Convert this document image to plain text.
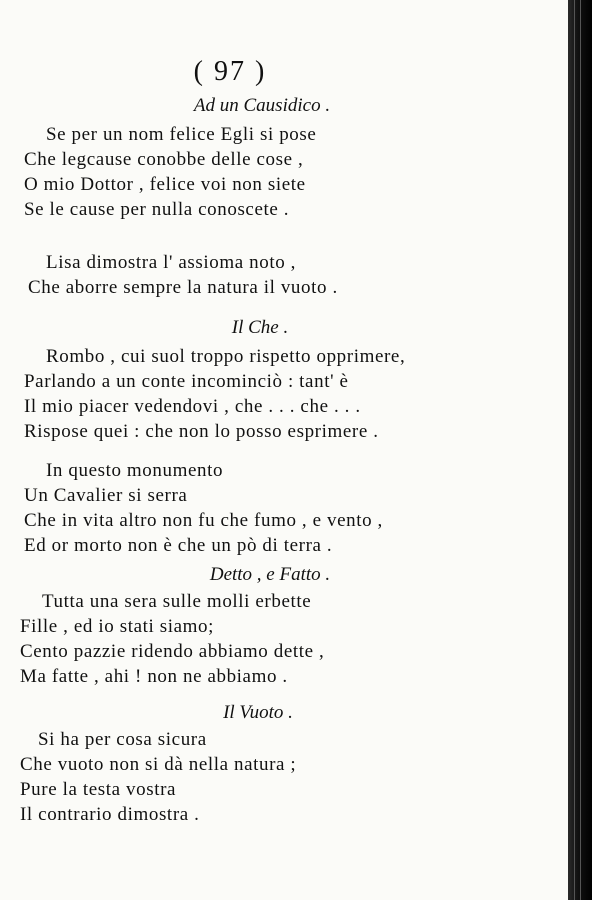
( 97 )
Ad un Causidico .
Se per un nom felice Egli si pose
Che legcause conobbe delle cose ,
O mio Dottor , felice voi non siete
Se le cause per nulla conoscete .
Lisa dimostra l' assioma noto ,
Che aborre sempre la natura il vuoto .
Il Che .
Rombo , cui suol troppo rispetto opprimere,
Parlando a un conte incominciò : tant' è
Il mio piacer vedendovi , che . . . che . . .
Rispose quei : che non lo posso esprimere .
In questo monumento
Un Cavalier si serra
Che in vita altro non fu che fumo , e vento ,
Ed or morto non è che un pò di terra .
Detto , e Fatto .
Tutta una sera sulle molli erbette
Fille , ed io stati siamo;
Cento pazzie ridendo abbiamo dette ,
Ma fatte , ahi ! non ne abbiamo .
Il Vuoto .
Si ha per cosa sicura
Che vuoto non si dà nella natura ;
Pure la testa vostra
Il contrario dimostra .
